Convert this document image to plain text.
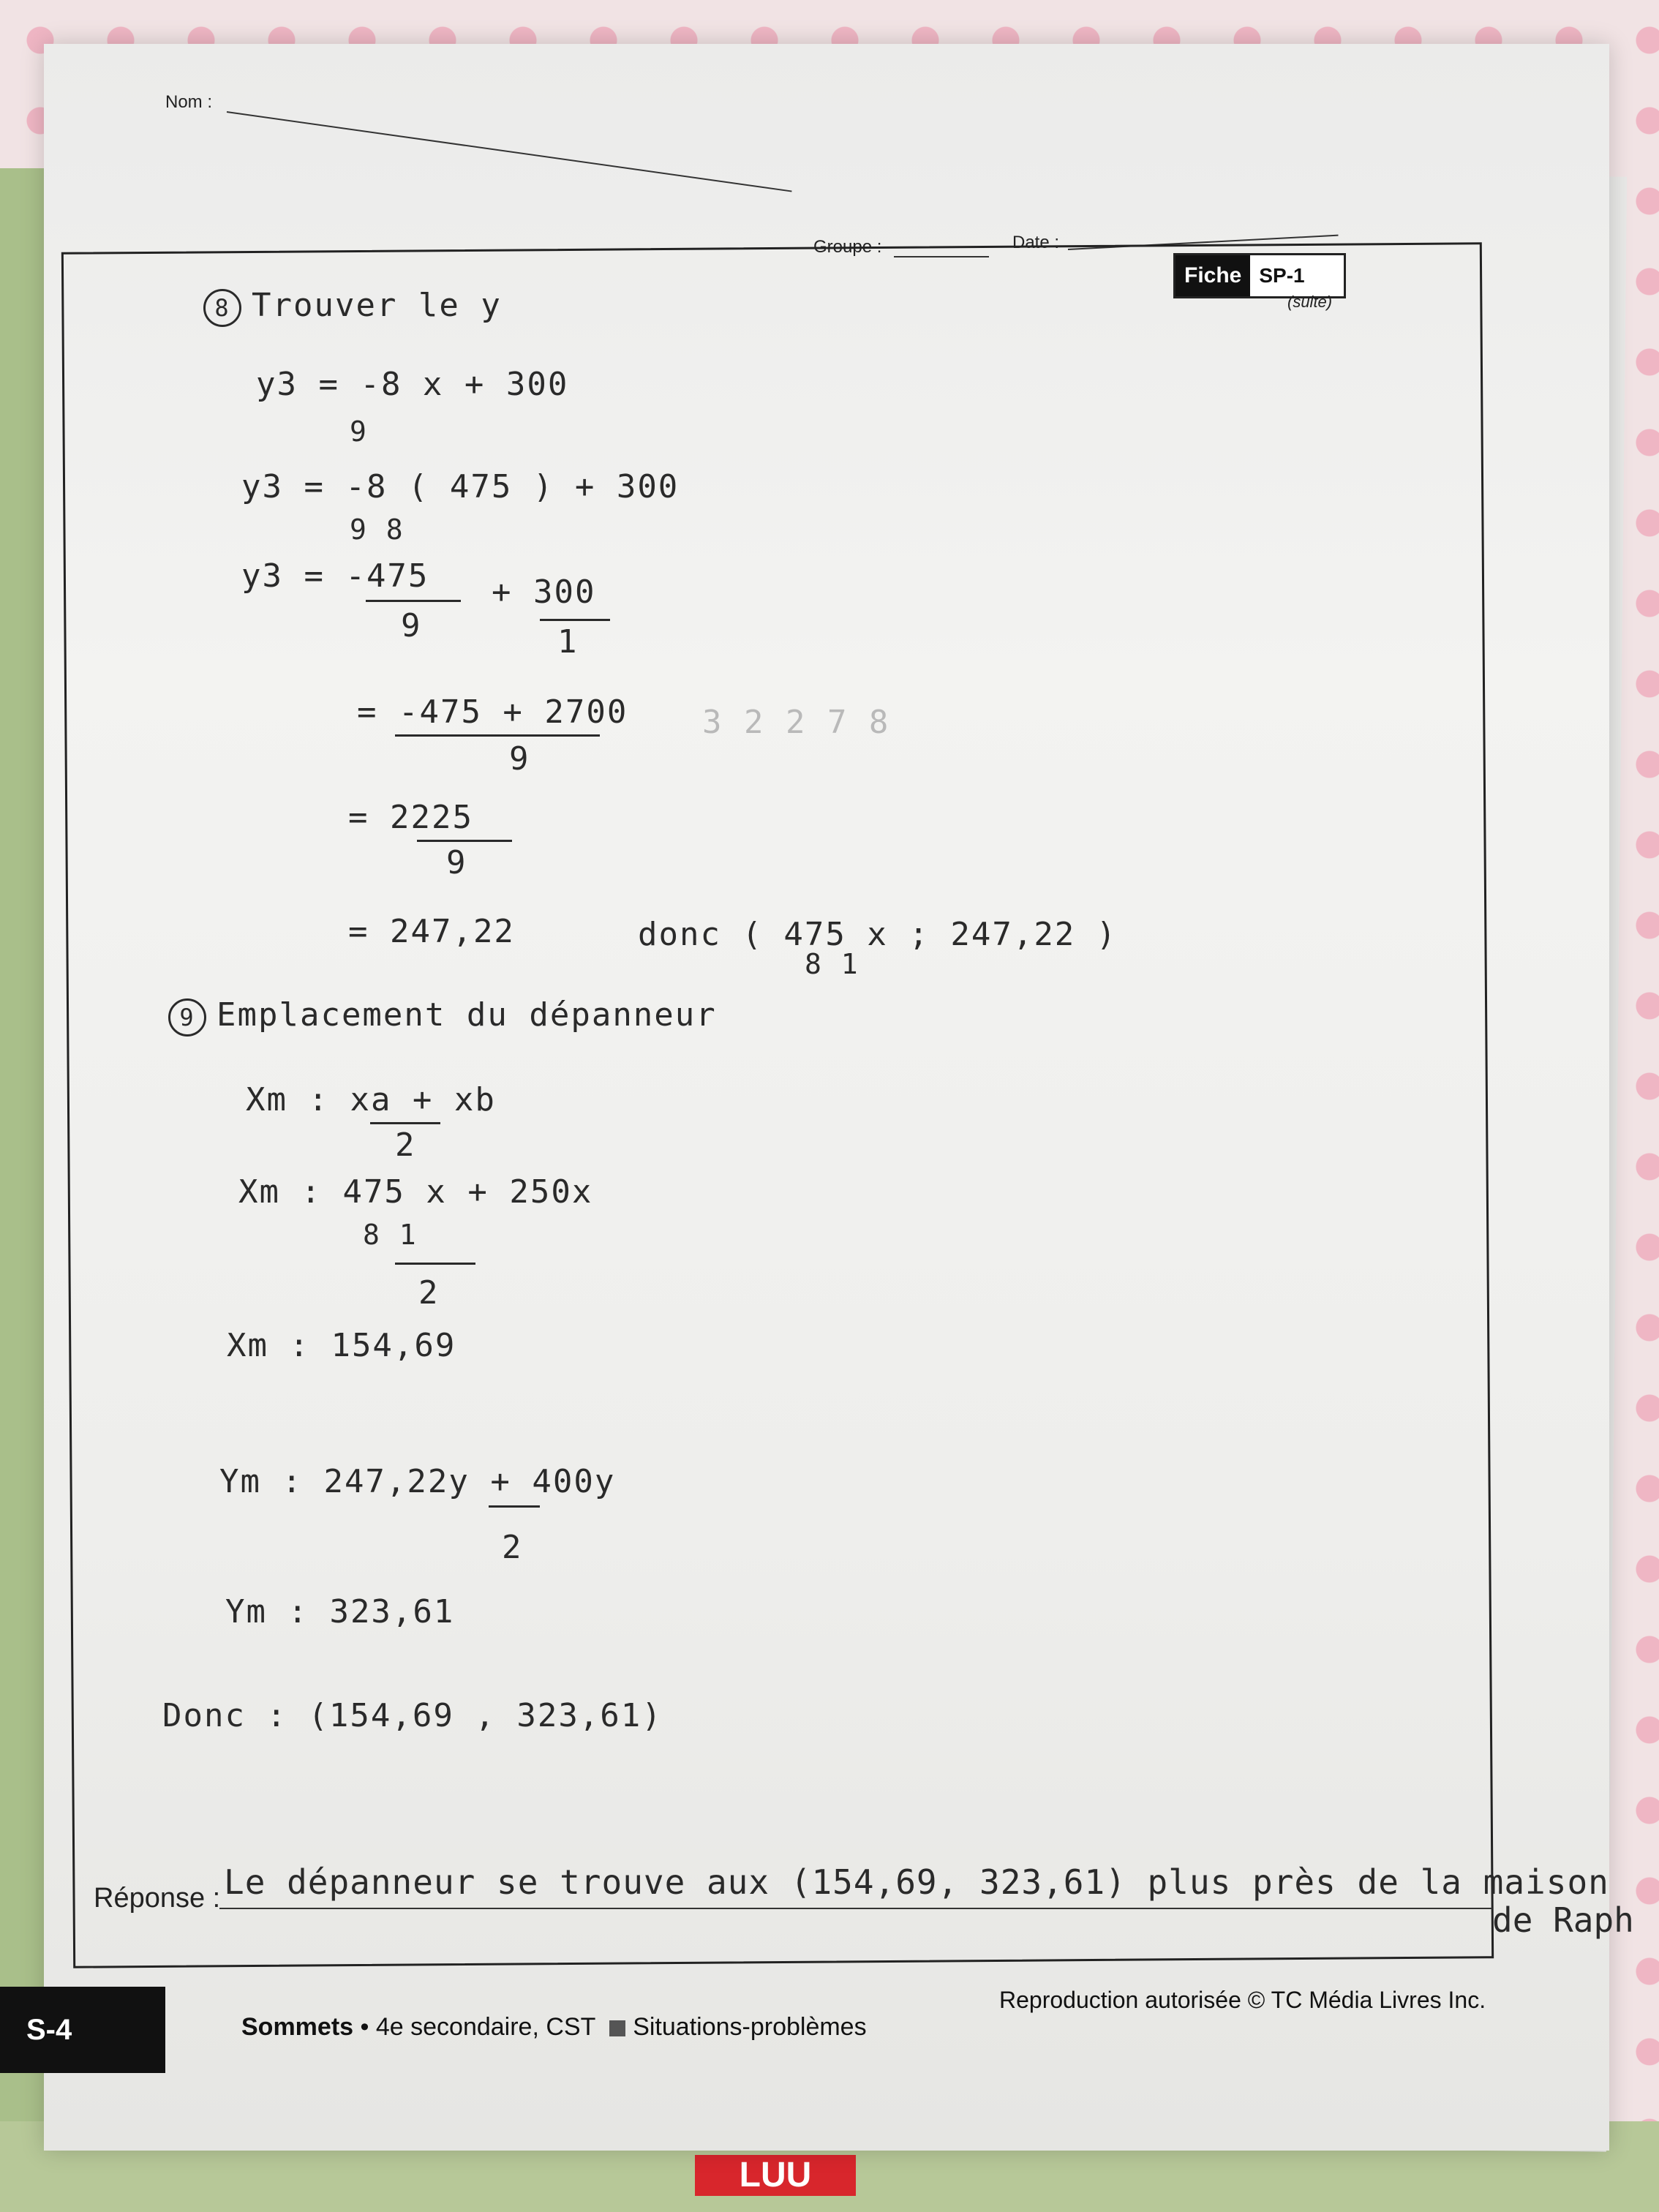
LUU
Nom :
Groupe :	Date :
Fiche SP-1
(suite)
8 Trouver le y
y3 = -8 x + 300
9
y3 = -8 ( 475 ) + 300
9 8
y3 = -475
9
+ 300
1
= -475 + 2700
9
3 2 2 7 8
= 2225
9
= 247,22	donc ( 475 x ; 247,22 )
8 1
9 Emplacement du dépanneur
Xm : xa + xb
2
Xm : 475 x + 250x
8 1
2
Xm : 154,69
Ym : 247,22y + 400y
2
Ym : 323,61
Donc : (154,69 , 323,61)
Réponse : Le dépanneur se trouve aux (154,69, 323,61) plus près de la maison
de Raph
S-4	Sommets • 4e secondaire, CST Situations-problèmes
Reproduction autorisée © TC Média Livres Inc.
